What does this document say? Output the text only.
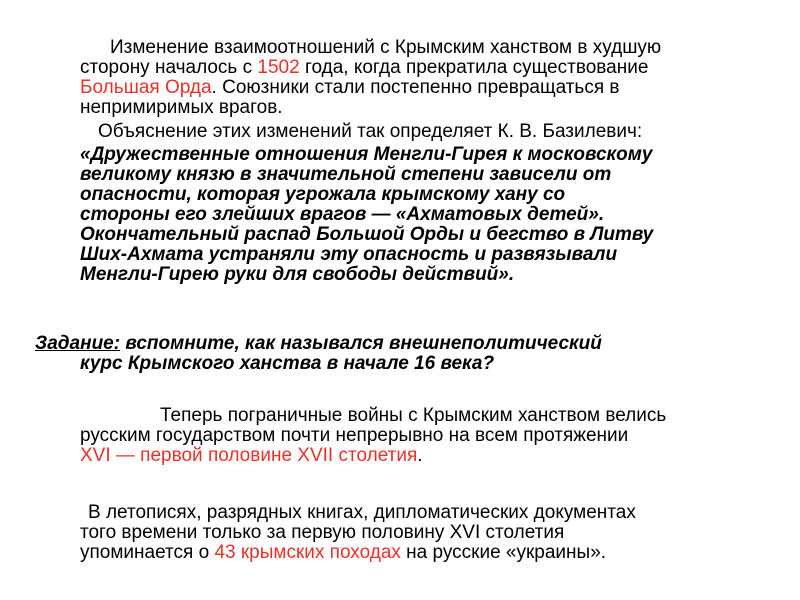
Изменение взаимоотношений с Крымским ханством в худшую
сторону началось с 1502 года, когда прекратила существование
Большая Орда. Союзники стали постепенно превращаться в
непримиримых врагов.
Объяснение этих изменений так определяет К. В. Базилевич:
«Дружественные отношения Менгли-Гирея к московскому
великому князю в значительной степени зависели от
опасности, которая угрожала крымскому хану со
стороны его злейших врагов — «Ахматовых детей».
Окончательный распад Большой Орды и бегство в Литву
Ших-Ахмата устраняли эту опасность и развязывали
Менгли-Гирею руки для свободы действий».
Задание: вспомните, как назывался внешнеполитический
курс Крымского ханства в начале 16 века?
Теперь пограничные войны с Крымским ханством велись
русским государством почти непрерывно на всем протяжении
XVI — первой половине XVII столетия.
В летописях, разрядных книгах, дипломатических документах
того времени только за первую половину XVI столетия
упоминается о 43 крымских походах на русские «украины».
